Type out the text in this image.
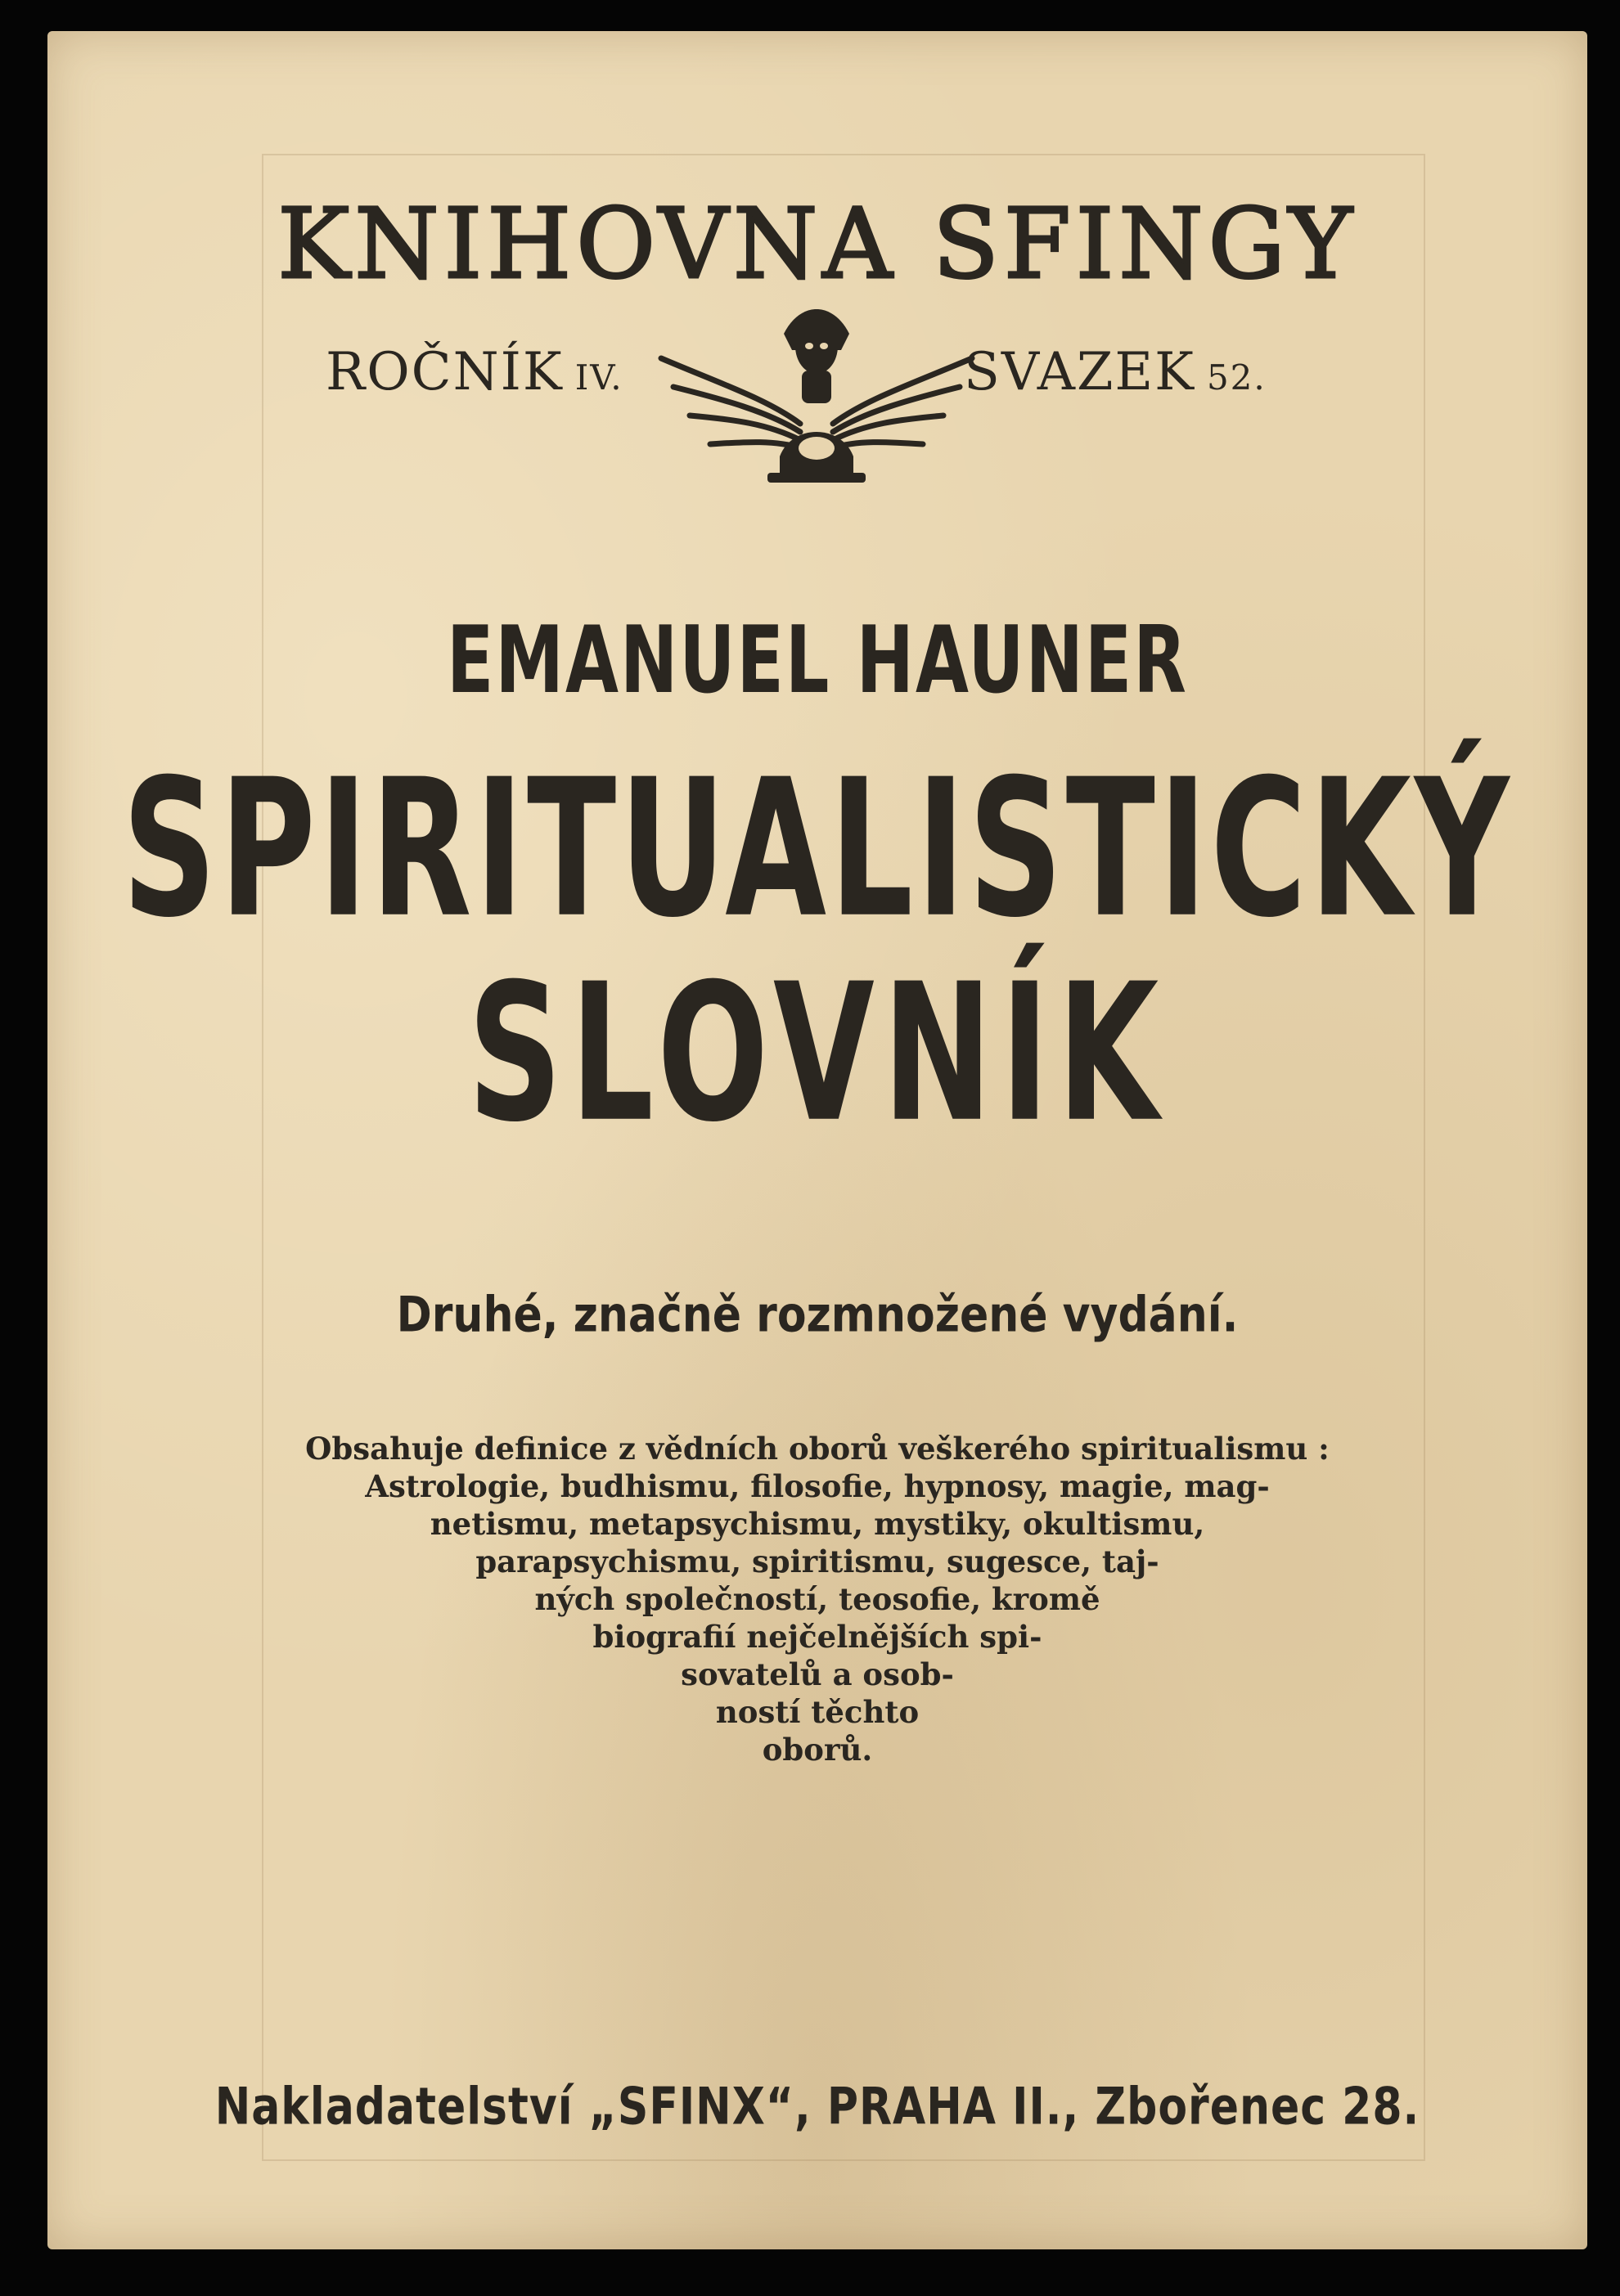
KNIHOVNA SFINGY
ROČNÍK IV.	SVAZEK 52.
EMANUEL HAUNER
SPIRITUALISTICKÝ
SLOVNÍK
Druhé, značně rozmnožené vydání.
Obsahuje definice z vědních oborů veškerého spiritualismu :
Astrologie, budhismu, filosofie, hypnosy, magie, mag-
netismu, metapsychismu, mystiky, okultismu,
parapsychismu, spiritismu, sugesce, taj-
ných společností, teosofie, kromě
biografií nejčelnějších spi-
sovatelů a osob-
ností těchto
oborů.
Nakladatelství „SFINX“, PRAHA II., Zbořenec 28.
